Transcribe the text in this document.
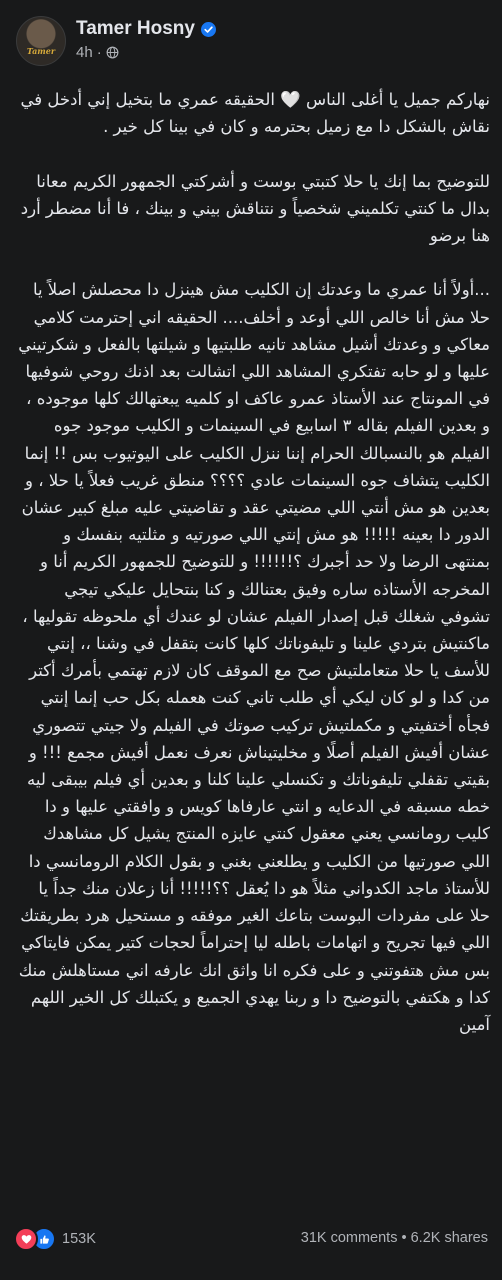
Tamer
Tamer Hosny
4h ·

نهاركم جميل يا أغلى الناس 🤍 الحقيقه عمري ما بتخيل إني أدخل في نقاش بالشكل دا مع زميل بحترمه و كان في بينا كل خير .

للتوضيح بما إنك يا حلا كتبتي بوست و أشركتي الجمهور الكريم معانا بدال ما كنتي تكلميني شخصياً و نتناقش بيني و بينك ، فا أنا مضطر أرد هنا برضو

...أولاً أنا عمري ما وعدتك إن الكليب مش هينزل دا محصلش اصلاً يا حلا مش أنا خالص اللي أوعد و أخلف.... الحقيقه اني إحترمت كلامي معاكي و وعدتك أشيل مشاهد تانيه طلبتيها و شيلتها بالفعل و شكرتيني عليها و لو حابه تفتكري المشاهد اللي اتشالت بعد اذنك روحي شوفيها في المونتاج عند الأستاذ عمرو عاكف او كلميه يبعتهالك كلها موجوده ، و بعدين الفيلم بقاله ٣ اسابيع في السينمات و الكليب موجود جوه الفيلم هو بالنسبالك الحرام إننا ننزل الكليب على اليوتيوب بس !! إنما الكليب يتشاف جوه السينمات عادي ؟؟؟؟ منطق غريب فعلاً يا حلا ، و بعدين هو مش أنتي اللي مضيتي عقد و تقاضيتي عليه مبلغ كبير عشان الدور دا بعينه !!!!! هو مش إنتي اللي صورتيه و مثلتيه بنفسك و بمنتهى الرضا ولا حد أجبرك ؟!!!!!! و للتوضيح للجمهور الكريم أنا و المخرجه الأستاذه ساره وفيق بعتنالك و كنا بنتحايل عليكي تيجي تشوفي شغلك قبل إصدار الفيلم عشان لو عندك أي ملحوظه تقوليها ، ماكنتيش بتردي علينا و تليفوناتك كلها كانت بتقفل في وشنا ،، إنتي للأسف يا حلا متعاملتيش صح مع الموقف كان لازم تهتمي بأمرك أكتر من كدا و لو كان ليكي أي طلب تاني كنت هعمله بكل حب إنما إنتي فجأه أختفيتي و مكملتيش تركيب صوتك في الفيلم ولا جيتي تتصوري عشان أفيش الفيلم أصلًا و مخليتيناش نعرف نعمل أفيش مجمع !!! و بقيتي تقفلي تليفوناتك و تكنسلي علينا كلنا و بعدين أي فيلم بيبقى ليه خطه مسبقه في الدعايه و انتي عارفاها كويس و وافقتي عليها و دا كليب رومانسي يعني معقول كنتي عايزه المنتج يشيل كل مشاهدك اللي صورتيها من الكليب و يطلعني بغني و بقول الكلام الرومانسي دا للأستاذ ماجد الكدواني مثلاً هو دا يُعقل ؟؟!!!!! أنا زعلان منك جداً يا حلا على مفردات البوست بتاعك الغير موفقه و مستحيل هرد بطريقتك اللي فيها تجريح و اتهامات باطله ليا إحتراماً لحجات كتير يمكن فايتاكي بس مش هتفوتني و على فكره انا واثق انك عارفه اني مستاهلش منك كدا و هكتفي بالتوضيح دا و ربنا يهدي الجميع و يكتبلك كل الخير اللهم آمين

153K	31K comments • 6.2K shares
